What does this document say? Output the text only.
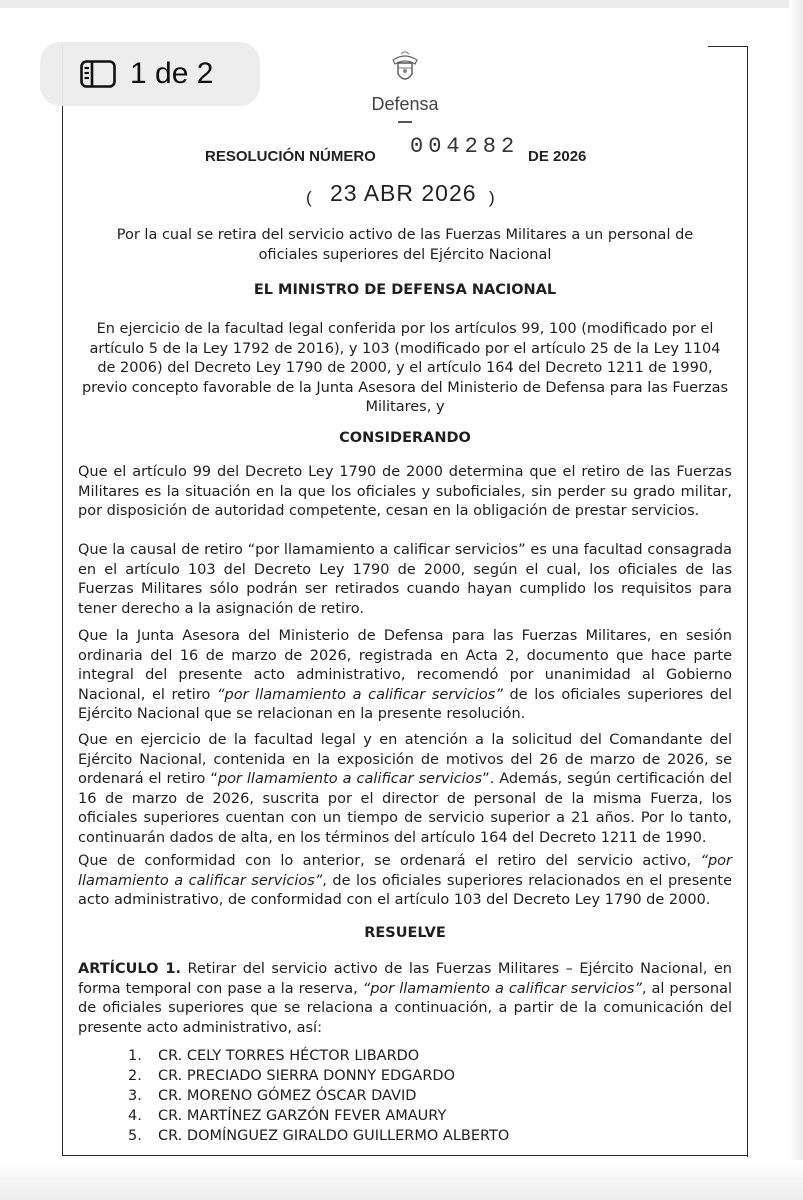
Defensa
RESOLUCIÓN NÚMERO 004282 DE 2026
( 23 ABR 2026 )
Por la cual se retira del servicio activo de las Fuerzas Militares a un personal de oficiales superiores del Ejército Nacional
EL MINISTRO DE DEFENSA NACIONAL
En ejercicio de la facultad legal conferida por los artículos 99, 100 (modificado por el artículo 5 de la Ley 1792 de 2016), y 103 (modificado por el artículo 25 de la Ley 1104 de 2006) del Decreto Ley 1790 de 2000, y el artículo 164 del Decreto 1211 de 1990, previo concepto favorable de la Junta Asesora del Ministerio de Defensa para las Fuerzas Militares, y
CONSIDERANDO
Que el artículo 99 del Decreto Ley 1790 de 2000 determina que el retiro de las Fuerzas Militares es la situación en la que los oficiales y suboficiales, sin perder su grado militar, por disposición de autoridad competente, cesan en la obligación de prestar servicios.
Que la causal de retiro “por llamamiento a calificar servicios” es una facultad consagrada en el artículo 103 del Decreto Ley 1790 de 2000, según el cual, los oficiales de las Fuerzas Militares sólo podrán ser retirados cuando hayan cumplido los requisitos para tener derecho a la asignación de retiro.
Que la Junta Asesora del Ministerio de Defensa para las Fuerzas Militares, en sesión ordinaria del 16 de marzo de 2026, registrada en Acta 2, documento que hace parte integral del presente acto administrativo, recomendó por unanimidad al Gobierno Nacional, el retiro “por llamamiento a calificar servicios” de los oficiales superiores del Ejército Nacional que se relacionan en la presente resolución.
Que en ejercicio de la facultad legal y en atención a la solicitud del Comandante del Ejército Nacional, contenida en la exposición de motivos del 26 de marzo de 2026, se ordenará el retiro “por llamamiento a calificar servicios”. Además, según certificación del 16 de marzo de 2026, suscrita por el director de personal de la misma Fuerza, los oficiales superiores cuentan con un tiempo de servicio superior a 21 años. Por lo tanto, continuarán dados de alta, en los términos del artículo 164 del Decreto 1211 de 1990.
Que de conformidad con lo anterior, se ordenará el retiro del servicio activo, “por llamamiento a calificar servicios”, de los oficiales superiores relacionados en el presente acto administrativo, de conformidad con el artículo 103 del Decreto Ley 1790 de 2000.
RESUELVE
ARTÍCULO 1. Retirar del servicio activo de las Fuerzas Militares – Ejército Nacional, en forma temporal con pase a la reserva, “por llamamiento a calificar servicios”, al personal de oficiales superiores que se relaciona a continuación, a partir de la comunicación del presente acto administrativo, así:
1.	CR. CELY TORRES HÉCTOR LIBARDO
2.	CR. PRECIADO SIERRA DONNY EDGARDO
3.	CR. MORENO GÓMEZ ÓSCAR DAVID
4.	CR. MARTÍNEZ GARZÓN FEVER AMAURY
5.	CR. DOMÍNGUEZ GIRALDO GUILLERMO ALBERTO
1 de 2
